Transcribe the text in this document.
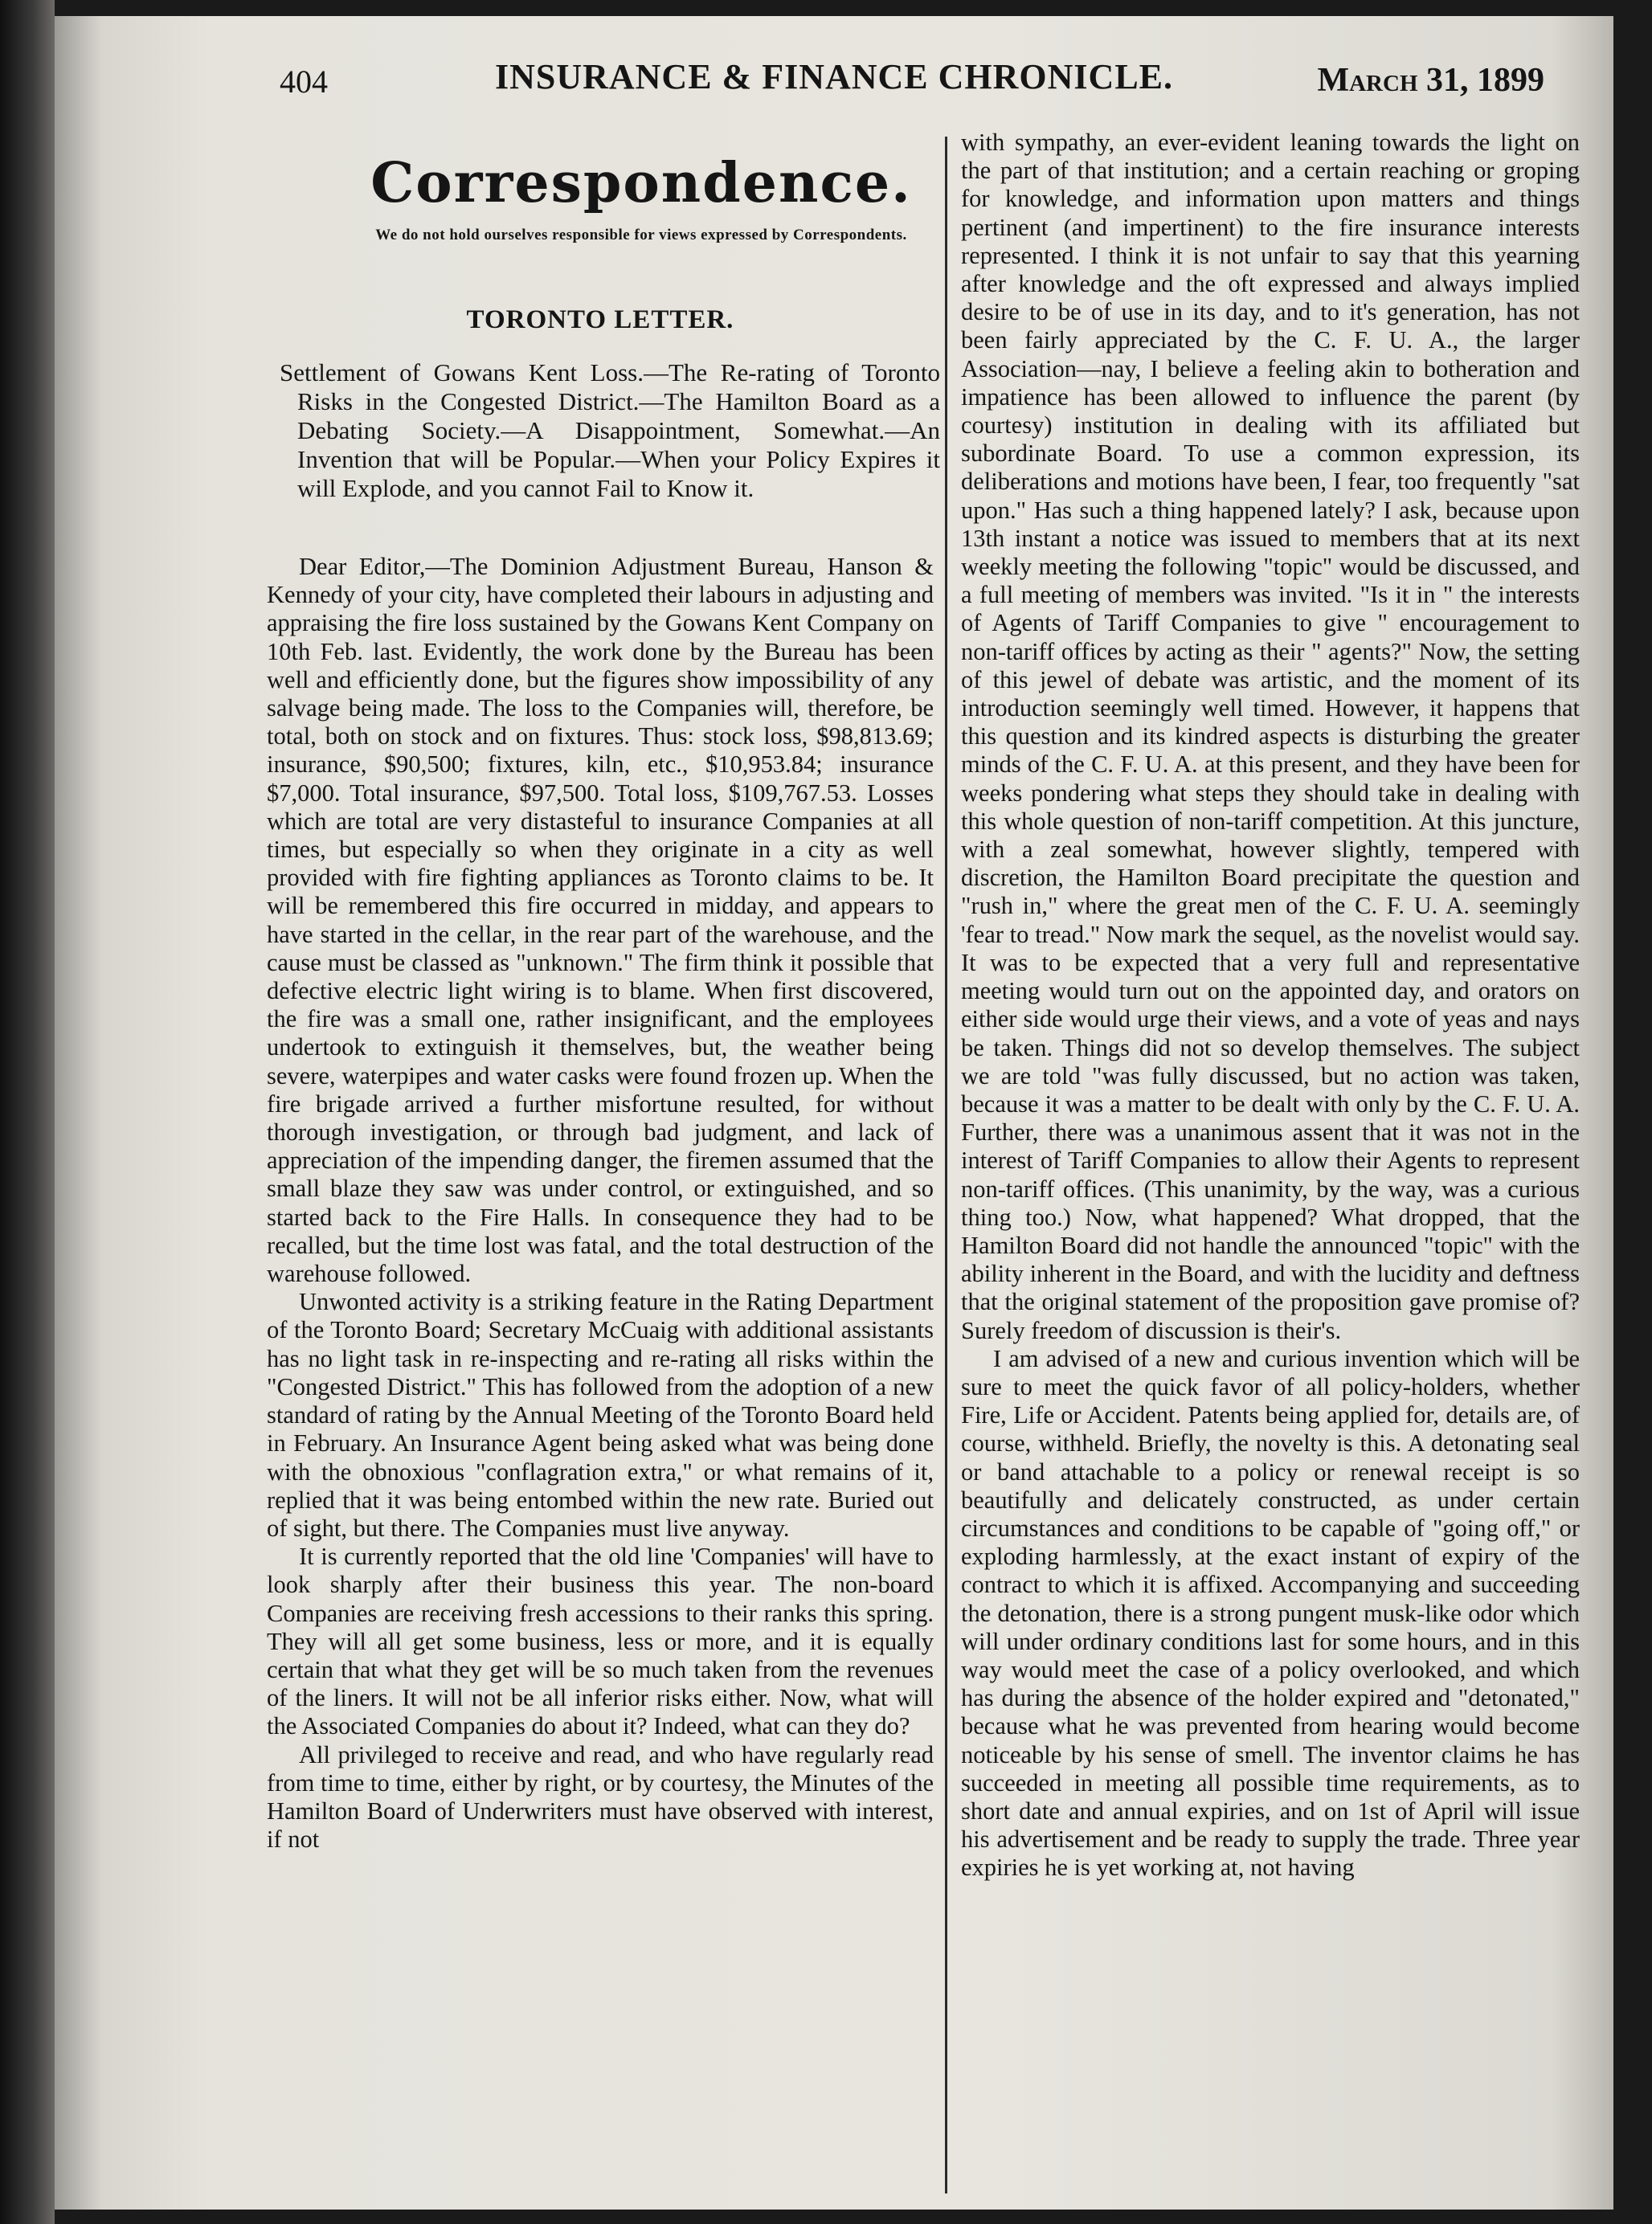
404	INSURANCE & FINANCE CHRONICLE.	March 31, 1899
Correspondence.
We do not hold ourselves responsible for views expressed by Correspondents.
TORONTO LETTER.
Settlement of Gowans Kent Loss.—The Re-rating of Toronto Risks in the Congested District.—The Hamilton Board as a Debating Society.—A Disappointment, Somewhat.—An Invention that will be Popular.—When your Policy Expires it will Explode, and you cannot Fail to Know it.

Dear Editor,—The Dominion Adjustment Bureau, Hanson & Kennedy of your city, have completed their labours in adjusting and appraising the fire loss sustained by the Gowans Kent Company on 10th Feb. last. Evidently, the work done by the Bureau has been well and efficiently done, but the figures show impossibility of any salvage being made. The loss to the Companies will, therefore, be total, both on stock and on fixtures. Thus: stock loss, $98,813.69; insurance, $90,500; fixtures, kiln, etc., $10,953.84; insurance $7,000. Total insurance, $97,500. Total loss, $109,767.53. Losses which are total are very distasteful to insurance Companies at all times, but especially so when they originate in a city as well provided with fire fighting appliances as Toronto claims to be. It will be remembered this fire occurred in midday, and appears to have started in the cellar, in the rear part of the warehouse, and the cause must be classed as "unknown." The firm think it possible that defective electric light wiring is to blame. When first discovered, the fire was a small one, rather insignificant, and the employees undertook to extinguish it themselves, but, the weather being severe, waterpipes and water casks were found frozen up. When the fire brigade arrived a further misfortune resulted, for without thorough investigation, or through bad judgment, and lack of appreciation of the impending danger, the firemen assumed that the small blaze they saw was under control, or extinguished, and so started back to the Fire Halls. In consequence they had to be recalled, but the time lost was fatal, and the total destruction of the warehouse followed.

Unwonted activity is a striking feature in the Rating Department of the Toronto Board; Secretary McCuaig with additional assistants has no light task in re-inspecting and re-rating all risks within the "Congested District." This has followed from the adoption of a new standard of rating by the Annual Meeting of the Toronto Board held in February. An Insurance Agent being asked what was being done with the obnoxious "conflagration extra," or what remains of it, replied that it was being entombed within the new rate. Buried out of sight, but there. The Companies must live anyway.

It is currently reported that the old line 'Companies' will have to look sharply after their business this year. The non-board Companies are receiving fresh accessions to their ranks this spring. They will all get some business, less or more, and it is equally certain that what they get will be so much taken from the revenues of the liners. It will not be all inferior risks either. Now, what will the Associated Companies do about it? Indeed, what can they do?

All privileged to receive and read, and who have regularly read from time to time, either by right, or by courtesy, the Minutes of the Hamilton Board of Underwriters must have observed with interest, if not

with sympathy, an ever-evident leaning towards the light on the part of that institution; and a certain reaching or groping for knowledge, and information upon matters and things pertinent (and impertinent) to the fire insurance interests represented. I think it is not unfair to say that this yearning after knowledge and the oft expressed and always implied desire to be of use in its day, and to it's generation, has not been fairly appreciated by the C. F. U. A., the larger Association—nay, I believe a feeling akin to botheration and impatience has been allowed to influence the parent (by courtesy) institution in dealing with its affiliated but subordinate Board. To use a common expression, its deliberations and motions have been, I fear, too frequently "sat upon." Has such a thing happened lately? I ask, because upon 13th instant a notice was issued to members that at its next weekly meeting the following "topic" would be discussed, and a full meeting of members was invited. "Is it in " the interests of Agents of Tariff Companies to give " encouragement to non-tariff offices by acting as their " agents?" Now, the setting of this jewel of debate was artistic, and the moment of its introduction seemingly well timed. However, it happens that this question and its kindred aspects is disturbing the greater minds of the C. F. U. A. at this present, and they have been for weeks pondering what steps they should take in dealing with this whole question of non-tariff competition. At this juncture, with a zeal somewhat, however slightly, tempered with discretion, the Hamilton Board precipitate the question and "rush in," where the great men of the C. F. U. A. seemingly 'fear to tread." Now mark the sequel, as the novelist would say. It was to be expected that a very full and representative meeting would turn out on the appointed day, and orators on either side would urge their views, and a vote of yeas and nays be taken. Things did not so develop themselves. The subject we are told "was fully discussed, but no action was taken, because it was a matter to be dealt with only by the C. F. U. A. Further, there was a unanimous assent that it was not in the interest of Tariff Companies to allow their Agents to represent non-tariff offices. (This unanimity, by the way, was a curious thing too.) Now, what happened? What dropped, that the Hamilton Board did not handle the announced "topic" with the ability inherent in the Board, and with the lucidity and deftness that the original statement of the proposition gave promise of? Surely freedom of discussion is their's.

I am advised of a new and curious invention which will be sure to meet the quick favor of all policy-holders, whether Fire, Life or Accident. Patents being applied for, details are, of course, withheld. Briefly, the novelty is this. A detonating seal or band attachable to a policy or renewal receipt is so beautifully and delicately constructed, as under certain circumstances and conditions to be capable of "going off," or exploding harmlessly, at the exact instant of expiry of the contract to which it is affixed. Accompanying and succeeding the detonation, there is a strong pungent musk-like odor which will under ordinary conditions last for some hours, and in this way would meet the case of a policy overlooked, and which has during the absence of the holder expired and "detonated," because what he was prevented from hearing would become noticeable by his sense of smell. The inventor claims he has succeeded in meeting all possible time requirements, as to short date and annual expiries, and on 1st of April will issue his advertisement and be ready to supply the trade. Three year expiries he is yet working at, not having
